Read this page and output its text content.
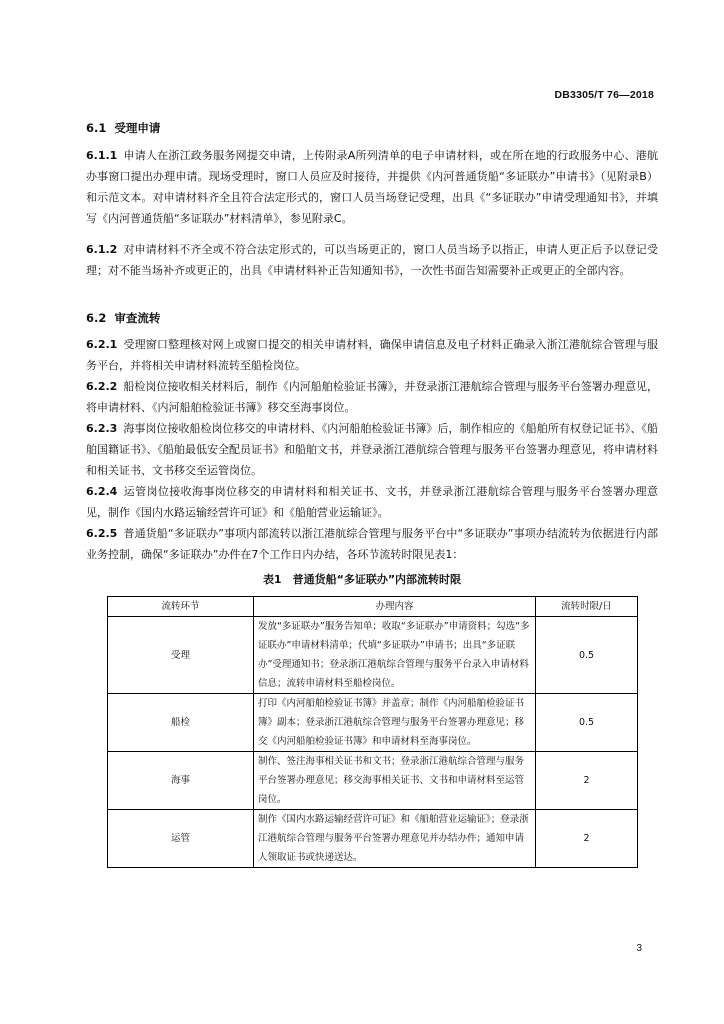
DB3305/T 76—2018
6.1 受理申请

6.1.1 申请人在浙江政务服务网提交申请，上传附录A所列清单的电子申请材料，或在所在地的行政服务中心、港航办事窗口提出办理申请。现场受理时，窗口人员应及时接待，并提供《内河普通货船“多证联办”申请书》（见附录B）和示范文本。对申请材料齐全且符合法定形式的，窗口人员当场登记受理，出具《“多证联办”申请受理通知书》，并填写《内河普通货船“多证联办”材料清单》，参见附录C。

6.1.2 对申请材料不齐全或不符合法定形式的，可以当场更正的，窗口人员当场予以指正，申请人更正后予以登记受理；对不能当场补齐或更正的，出具《申请材料补正告知通知书》，一次性书面告知需要补正或更正的全部内容。

6.2 审查流转

6.2.1 受理窗口整理核对网上或窗口提交的相关申请材料，确保申请信息及电子材料正确录入浙江港航综合管理与服务平台，并将相关申请材料流转至船检岗位。

6.2.2 船检岗位接收相关材料后，制作《内河船舶检验证书簿》，并登录浙江港航综合管理与服务平台签署办理意见，将申请材料、《内河船舶检验证书簿》移交至海事岗位。

6.2.3 海事岗位接收船检岗位移交的申请材料、《内河船舶检验证书簿》后，制作相应的《船舶所有权登记证书》、《船舶国籍证书》、《船舶最低安全配员证书》和船舶文书，并登录浙江港航综合管理与服务平台签署办理意见，将申请材料和相关证书、文书移交至运管岗位。

6.2.4 运管岗位接收海事岗位移交的申请材料和相关证书、文书，并登录浙江港航综合管理与服务平台签署办理意见，制作《国内水路运输经营许可证》和《船舶营业运输证》。

6.2.5 普通货船“多证联办”事项内部流转以浙江港航综合管理与服务平台中“多证联办”事项办结流转为依据进行内部业务控制，确保“多证联办”办件在7个工作日内办结，各环节流转时限见表1：

表1　普通货船“多证联办”内部流转时限
流转环节	办理内容	流转时限/日
受理	发放“多证联办”服务告知单；收取“多证联办”申请资料；勾选“多证联办”申请材料清单；代填“多证联办”申请书；出具“多证联办”受理通知书；登录浙江港航综合管理与服务平台录入申请材料信息；流转申请材料至船检岗位。	0.5
船检	打印《内河船舶检验证书簿》并盖章；制作《内河船舶检验证书簿》副本；登录浙江港航综合管理与服务平台签署办理意见；移交《内河船舶检验证书簿》和申请材料至海事岗位。	0.5
海事	制作、签注海事相关证书和文书；登录浙江港航综合管理与服务平台签署办理意见；移交海事相关证书、文书和申请材料至运管岗位。	2
运管	制作《国内水路运输经营许可证》和《船舶营业运输证》；登录浙江港航综合管理与服务平台签署办理意见并办结办件；通知申请人领取证书或快递送达。	2
3
